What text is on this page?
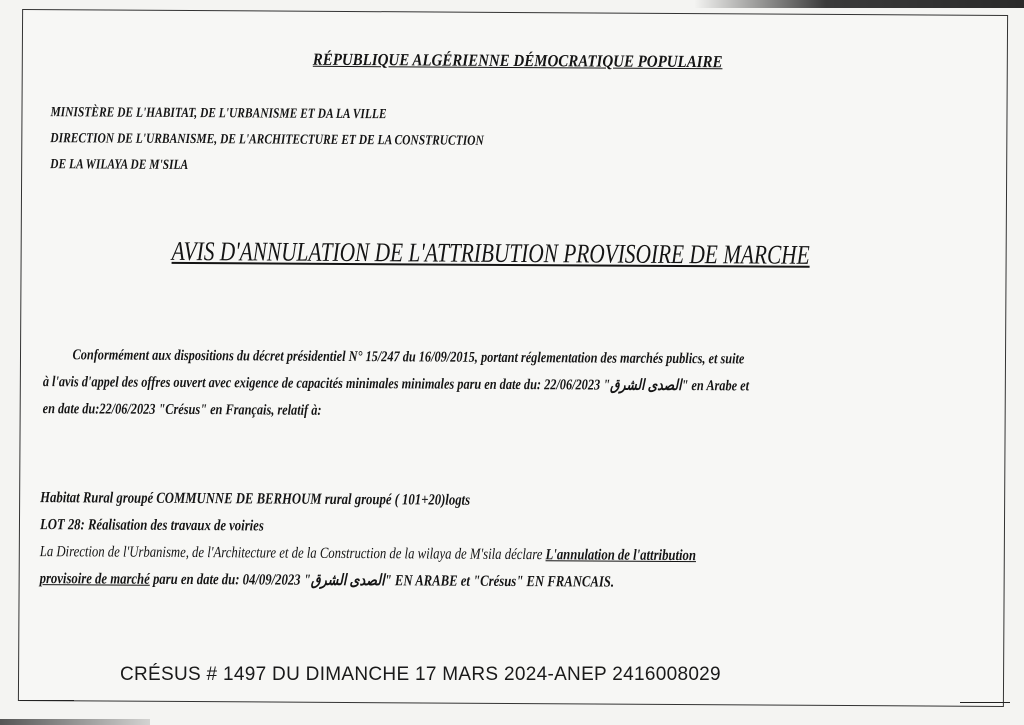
RÉPUBLIQUE ALGÉRIENNE DÉMOCRATIQUE POPULAIRE
MINISTÈRE DE L'HABITAT, DE L'URBANISME ET DA LA VILLE
DIRECTION DE L'URBANISME, DE L'ARCHITECTURE ET DE LA CONSTRUCTION
DE LA WILAYA DE M'SILA
AVIS D'ANNULATION DE L'ATTRIBUTION PROVISOIRE DE MARCHE

Conformément aux dispositions du décret présidentiel N° 15/247 du 16/09/2015, portant réglementation des marchés publics, et suite

à l'avis d'appel des offres ouvert avec exigence de capacités minimales minimales paru en date du: 22/06/2023 "الصدى الشرق" en Arabe et

en date du:22/06/2023 "Crésus" en Français, relatif à:

Habitat Rural groupé COMMUNNE DE BERHOUM rural groupé ( 101+20)logts

LOT 28: Réalisation des travaux de voiries

La Direction de l'Urbanisme, de l'Architecture et de la Construction de la wilaya de M'sila déclare L'annulation de l'attribution

provisoire de marché paru en date du: 04/09/2023 "الصدى الشرق" EN ARABE et "Crésus" EN FRANCAIS.

CRÉSUS # 1497 DU DIMANCHE 17 MARS 2024-ANEP 2416008029
